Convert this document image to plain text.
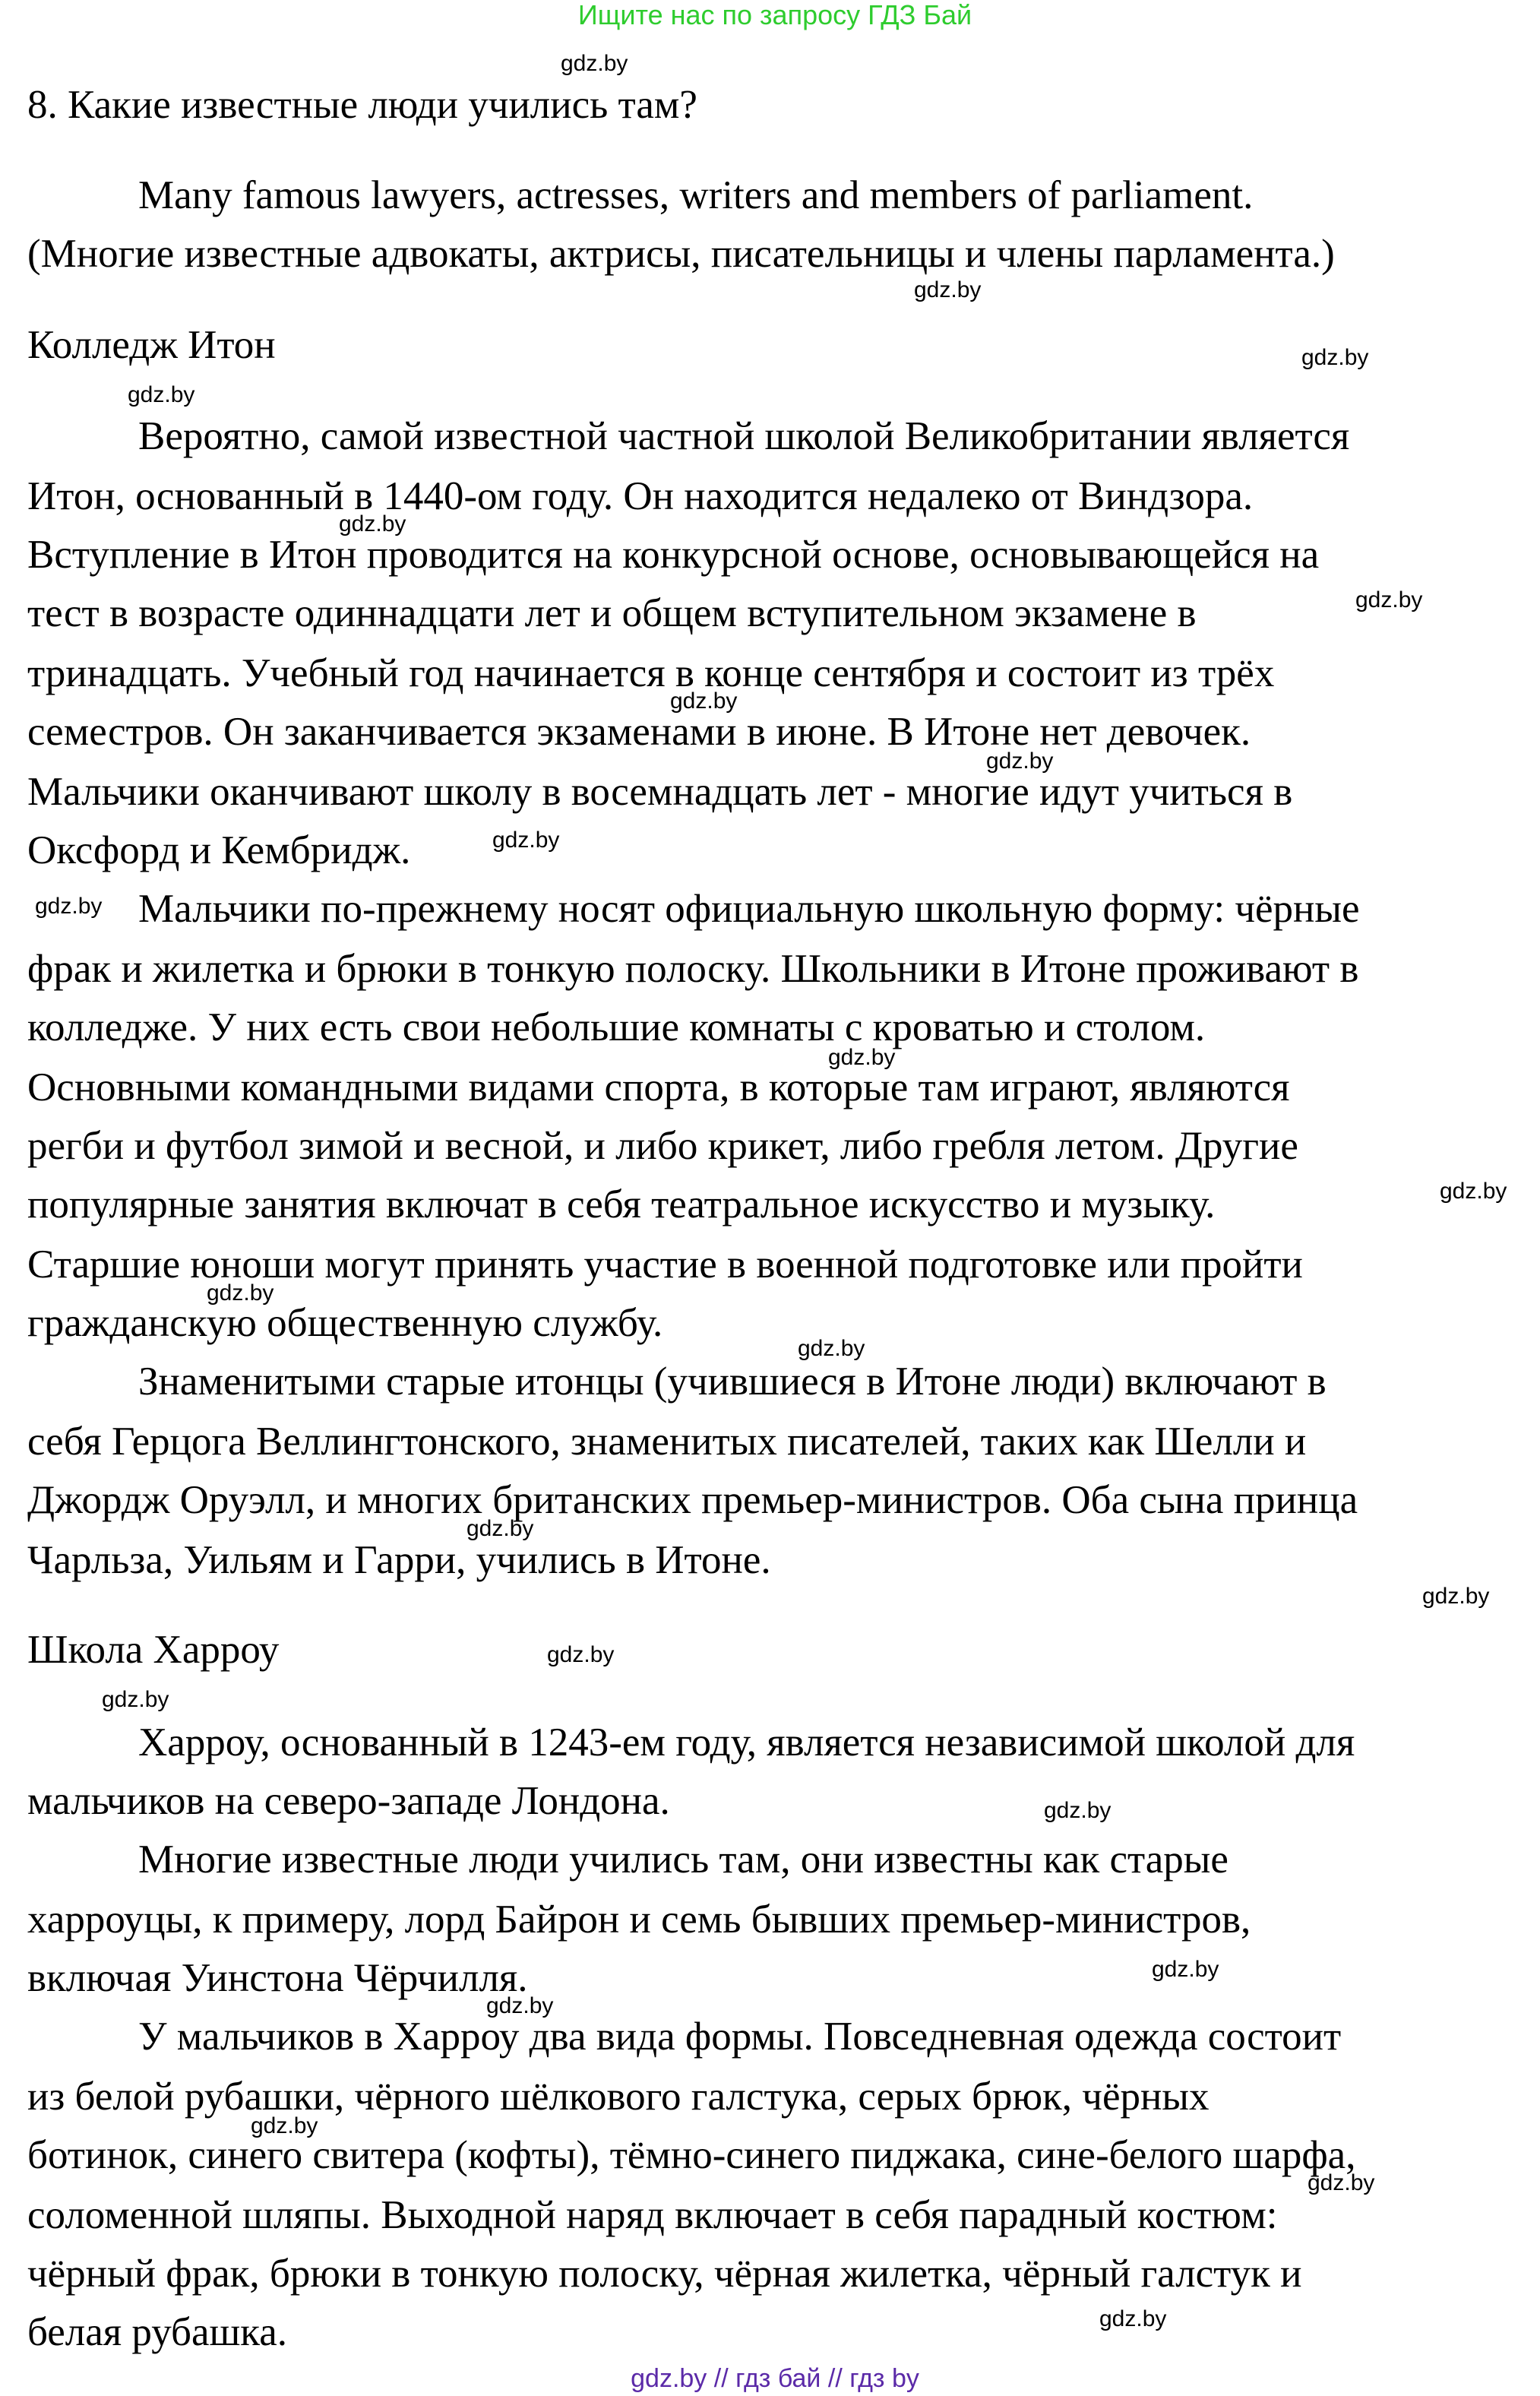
Ищите нас по запросу ГДЗ Бай
8. Какие известные люди учились там?
Many famous lawyers, actresses, writers and members of parliament.
(Многие известные адвокаты, актрисы, писательницы и члены парламента.)
Колледж Итон
Вероятно, самой известной частной школой Великобритании является
Итон, основанный в 1440-ом году. Он находится недалеко от Виндзора.
Вступление в Итон проводится на конкурсной основе, основывающейся на
тест в возрасте одиннадцати лет и общем вступительном экзамене в
тринадцать. Учебный год начинается в конце сентября и состоит из трёх
семестров. Он заканчивается экзаменами в июне. В Итоне нет девочек.
Мальчики оканчивают школу в восемнадцать лет - многие идут учиться в
Оксфорд и Кембридж.
Мальчики по-прежнему носят официальную школьную форму: чёрные
фрак и жилетка и брюки в тонкую полоску. Школьники в Итоне проживают в
колледже. У них есть свои небольшие комнаты с кроватью и столом.
Основными командными видами спорта, в которые там играют, являются
регби и футбол зимой и весной, и либо крикет, либо гребля летом. Другие
популярные занятия включат в себя театральное искусство и музыку.
Старшие юноши могут принять участие в военной подготовке или пройти
гражданскую общественную службу.
Знаменитыми старые итонцы (учившиеся в Итоне люди) включают в
себя Герцога Веллингтонского, знаменитых писателей, таких как Шелли и
Джордж Оруэлл, и многих британских премьер-министров. Оба сына принца
Чарльза, Уильям и Гарри, учились в Итоне.
Школа Харроу
Харроу, основанный в 1243-ем году, является независимой школой для
мальчиков на северо-западе Лондона.
Многие известные люди учились там, они известны как старые
харроуцы, к примеру, лорд Байрон и семь бывших премьер-министров,
включая Уинстона Чёрчилля.
У мальчиков в Харроу два вида формы. Повседневная одежда состоит
из белой рубашки, чёрного шёлкового галстука, серых брюк, чёрных
ботинок, синего свитера (кофты), тёмно-синего пиджака, сине-белого шарфа,
соломенной шляпы. Выходной наряд включает в себя парадный костюм:
чёрный фрак, брюки в тонкую полоску, чёрная жилетка, чёрный галстук и
белая рубашка.
gdz.by
gdz.by
gdz.by
gdz.by
gdz.by
gdz.by
gdz.by
gdz.by
gdz.by
gdz.by
gdz.by
gdz.by
gdz.by
gdz.by
gdz.by
gdz.by
gdz.by
gdz.by
gdz.by
gdz.by
gdz.by
gdz.by
gdz.by
gdz.by
gdz.by // гдз бай // гдз by
